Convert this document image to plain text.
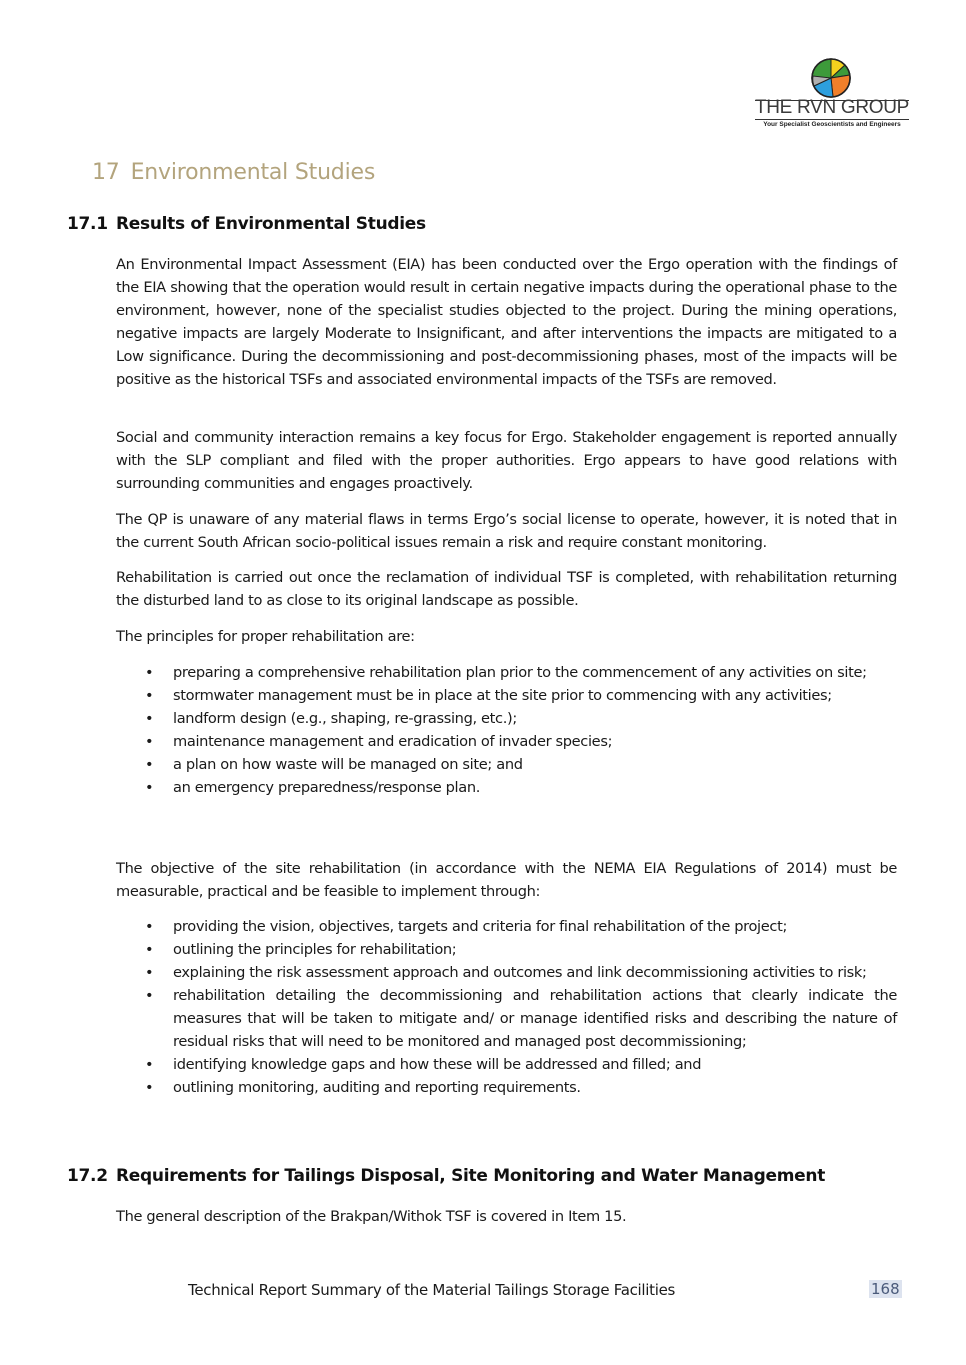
THE RVN GROUP
Your Specialist Geoscientists and Engineers
17 Environmental Studies
17.1 Results of Environmental Studies

An Environmental Impact Assessment (EIA) has been conducted over the Ergo operation with the findings of the EIA showing that the operation would result in certain negative impacts during the operational phase to the environment, however, none of the specialist studies objected to the project. During the mining operations, negative impacts are largely Moderate to Insignificant, and after interventions the impacts are mitigated to a Low significance. During the decommissioning and post-decommissioning phases, most of the impacts will be positive as the historical TSFs and associated environmental impacts of the TSFs are removed.

Social and community interaction remains a key focus for Ergo. Stakeholder engagement is reported annually with the SLP compliant and filed with the proper authorities. Ergo appears to have good relations with surrounding communities and engages proactively.

The QP is unaware of any material flaws in terms Ergo’s social license to operate, however, it is noted that in the current South African socio-political issues remain a risk and require constant monitoring.

Rehabilitation is carried out once the reclamation of individual TSF is completed, with rehabilitation returning the disturbed land to as close to its original landscape as possible.

The principles for proper rehabilitation are:

• preparing a comprehensive rehabilitation plan prior to the commencement of any activities on site;
• stormwater management must be in place at the site prior to commencing with any activities;
• landform design (e.g., shaping, re-grassing, etc.);
• maintenance management and eradication of invader species;
• a plan on how waste will be managed on site; and
• an emergency preparedness/response plan.

The objective of the site rehabilitation (in accordance with the NEMA EIA Regulations of 2014) must be measurable, practical and be feasible to implement through:

• providing the vision, objectives, targets and criteria for final rehabilitation of the project;
• outlining the principles for rehabilitation;
• explaining the risk assessment approach and outcomes and link decommissioning activities to risk;
• rehabilitation detailing the decommissioning and rehabilitation actions that clearly indicate the measures that will be taken to mitigate and/ or manage identified risks and describing the nature of residual risks that will need to be monitored and managed post decommissioning;
• identifying knowledge gaps and how these will be addressed and filled; and
• outlining monitoring, auditing and reporting requirements.
17.2 Requirements for Tailings Disposal, Site Monitoring and Water Management

The general description of the Brakpan/Withok TSF is covered in Item 15.

Technical Report Summary of the Material Tailings Storage Facilities	168
